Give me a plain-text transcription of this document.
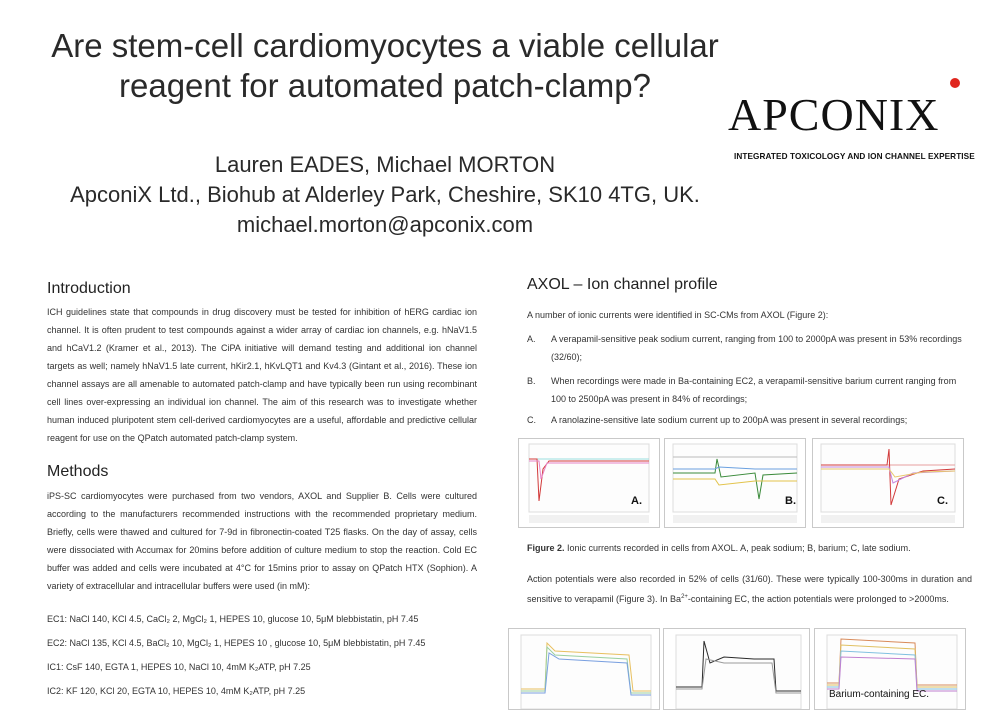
Are stem-cell cardiomyocytes a viable cellular
reagent for automated patch-clamp?
Lauren EADES, Michael MORTON
ApconiX Ltd., Biohub at Alderley Park, Cheshire, SK10 4TG, UK.
michael.morton@apconix.com
APCONIX
INTEGRATED TOXICOLOGY AND ION CHANNEL EXPERTISE
Introduction
ICH guidelines state that compounds in drug discovery must be tested for inhibition of hERG cardiac ion channel. It is often prudent to test compounds against a wider array of cardiac ion channels, e.g. hNaV1.5 and hCaV1.2 (Kramer et al., 2013). The CiPA initiative will demand testing and additional ion channel targets as well; namely hNaV1.5 late current, hKir2.1, hKvLQT1 and Kv4.3 (Gintant et al., 2016). These ion channel assays are all amenable to automated patch-clamp and have typically been run using recombinant cell lines over-expressing an individual ion channel. The aim of this research was to investigate whether human induced pluripotent stem cell-derived cardiomyocytes are a useful, affordable and predictive cellular reagent for use on the QPatch automated patch-clamp system.
Methods
iPS-SC cardiomyocytes were purchased from two vendors, AXOL and Supplier B. Cells were cultured according to the manufacturers recommended instructions with the recommended proprietary medium. Briefly, cells were thawed and cultured for 7-9d in fibronectin-coated T25 flasks. On the day of assay, cells were dissociated with Accumax for 20mins before addition of culture medium to stop the reaction. Cold EC buffer was added and cells were incubated at 4°C for 15mins prior to assay on QPatch HTX (Sophion). A variety of extracellular and intracellular buffers were used (in mM):
EC1: NaCl 140, KCl 4.5, CaCl₂ 2, MgCl₂ 1, HEPES 10, glucose 10, 5μM blebbistatin, pH 7.45
EC2: NaCl 135, KCl 4.5, BaCl₂ 10, MgCl₂ 1, HEPES 10 , glucose 10, 5μM blebbistatin, pH 7.45
IC1: CsF 140, EGTA 1, HEPES 10, NaCl 10, 4mM K₂ATP, pH 7.25
IC2: KF 120, KCl 20, EGTA 10, HEPES 10, 4mM K₂ATP, pH 7.25
AXOL – Ion channel profile
A number of ionic currents were identified in SC-CMs from AXOL (Figure 2):
A. A verapamil-sensitive peak sodium current, ranging from 100 to 2000pA was present in 53% recordings (32/60);
B. When recordings were made in Ba-containing EC2, a verapamil-sensitive barium current ranging from 100 to 2500pA was present in 84% of recordings;
C. A ranolazine-sensitive late sodium current up to 200pA was present in several recordings;
A.	B.	C.
Figure 2. Ionic currents recorded in cells from AXOL. A, peak sodium; B, barium; C, late sodium.
Action potentials were also recorded in 52% of cells (31/60). These were typically 100-300ms in duration and sensitive to verapamil (Figure 3). In $Ba^{2+}$-containing EC, the action potentials were prolonged to >2000ms.
Barium-containing EC.
